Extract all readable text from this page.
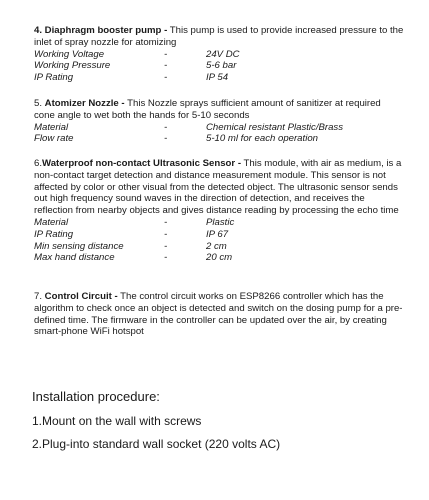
4. Diaphragm booster pump - This pump is used to provide increased pressure to the inlet of spray nozzle for atomizing

Working Voltage	-	24V DC
Working Pressure	-	5-6 bar
IP Rating	-	IP 54

5. Atomizer Nozzle - This Nozzle sprays sufficient amount of sanitizer at required cone angle to wet both the hands for 5-10 seconds

Material	-	Chemical resistant Plastic/Brass
Flow rate	-	5-10 ml for each operation

6.Waterproof non-contact Ultrasonic Sensor - This module, with air as medium, is a non-contact target detection and distance measurement module. This sensor is not affected by color or other visual from the detected object. The ultrasonic sensor sends out high frequency sound waves in the direction of detection, and receives the reflection from nearby objects and gives distance reading by processing the echo time

Material	-	Plastic
IP Rating	-	IP 67
Min sensing distance	-	2 cm
Max hand distance	-	20 cm

7. Control Circuit - The control circuit works on ESP8266 controller which has the algorithm to check once an object is detected and switch on the dosing pump for a pre-defined time. The firmware in the controller can be updated over the air, by creating smart-phone WiFi hotspot

Installation procedure:
1.Mount on the wall with screws
2.Plug-into standard wall socket (220 volts AC)
